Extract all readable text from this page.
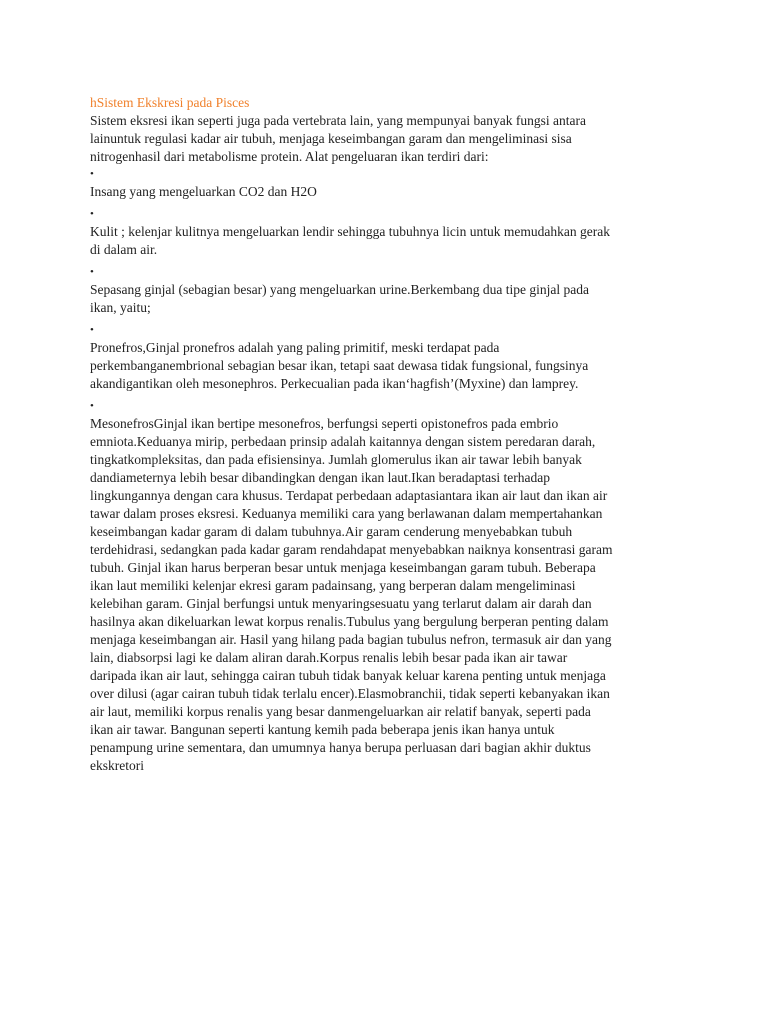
hSistem Ekskresi pada Pisces
Sistem eksresi ikan seperti juga pada vertebrata lain, yang mempunyai banyak fungsi antara
lainuntuk regulasi kadar air tubuh, menjaga keseimbangan garam dan mengeliminasi sisa
nitrogenhasil dari metabolisme protein. Alat pengeluaran ikan terdiri dari:
•
Insang yang mengeluarkan CO2 dan H2O
•
Kulit ; kelenjar kulitnya mengeluarkan lendir sehingga tubuhnya licin untuk memudahkan gerak
di dalam air.
•
Sepasang ginjal (sebagian besar) yang mengeluarkan urine.Berkembang dua tipe ginjal pada
ikan, yaitu;
•
Pronefros,Ginjal pronefros adalah yang paling primitif, meski terdapat pada
perkembanganembrional sebagian besar ikan, tetapi saat dewasa tidak fungsional, fungsinya
akandigantikan oleh mesonephros. Perkecualian pada ikan‘hagfish’(Myxine) dan lamprey.
•
MesonefrosGinjal ikan bertipe mesonefros, berfungsi seperti opistonefros pada embrio
emniota.Keduanya mirip, perbedaan prinsip adalah kaitannya dengan sistem peredaran darah,
tingkatkompleksitas, dan pada efisiensinya. Jumlah glomerulus ikan air tawar lebih banyak
dandiameternya lebih besar dibandingkan dengan ikan laut.Ikan beradaptasi terhadap
lingkungannya dengan cara khusus. Terdapat perbedaan adaptasiantara ikan air laut dan ikan air
tawar dalam proses eksresi. Keduanya memiliki cara yang berlawanan dalam mempertahankan
keseimbangan kadar garam di dalam tubuhnya.Air garam cenderung menyebabkan tubuh
terdehidrasi, sedangkan pada kadar garam rendahdapat menyebabkan naiknya konsentrasi garam
tubuh. Ginjal ikan harus berperan besar untuk menjaga keseimbangan garam tubuh. Beberapa
ikan laut memiliki kelenjar ekresi garam padainsang, yang berperan dalam mengeliminasi
kelebihan garam. Ginjal berfungsi untuk menyaringsesuatu yang terlarut dalam air darah dan
hasilnya akan dikeluarkan lewat korpus renalis.Tubulus yang bergulung berperan penting dalam
menjaga keseimbangan air. Hasil yang hilang pada bagian tubulus nefron, termasuk air dan yang
lain, diabsorpsi lagi ke dalam aliran darah.Korpus renalis lebih besar pada ikan air tawar
daripada ikan air laut, sehingga cairan tubuh tidak banyak keluar karena penting untuk menjaga
over dilusi (agar cairan tubuh tidak terlalu encer).Elasmobranchii, tidak seperti kebanyakan ikan
air laut, memiliki korpus renalis yang besar danmengeluarkan air relatif banyak, seperti pada
ikan air tawar. Bangunan seperti kantung kemih pada beberapa jenis ikan hanya untuk
penampung urine sementara, dan umumnya hanya berupa perluasan dari bagian akhir duktus
ekskretori
